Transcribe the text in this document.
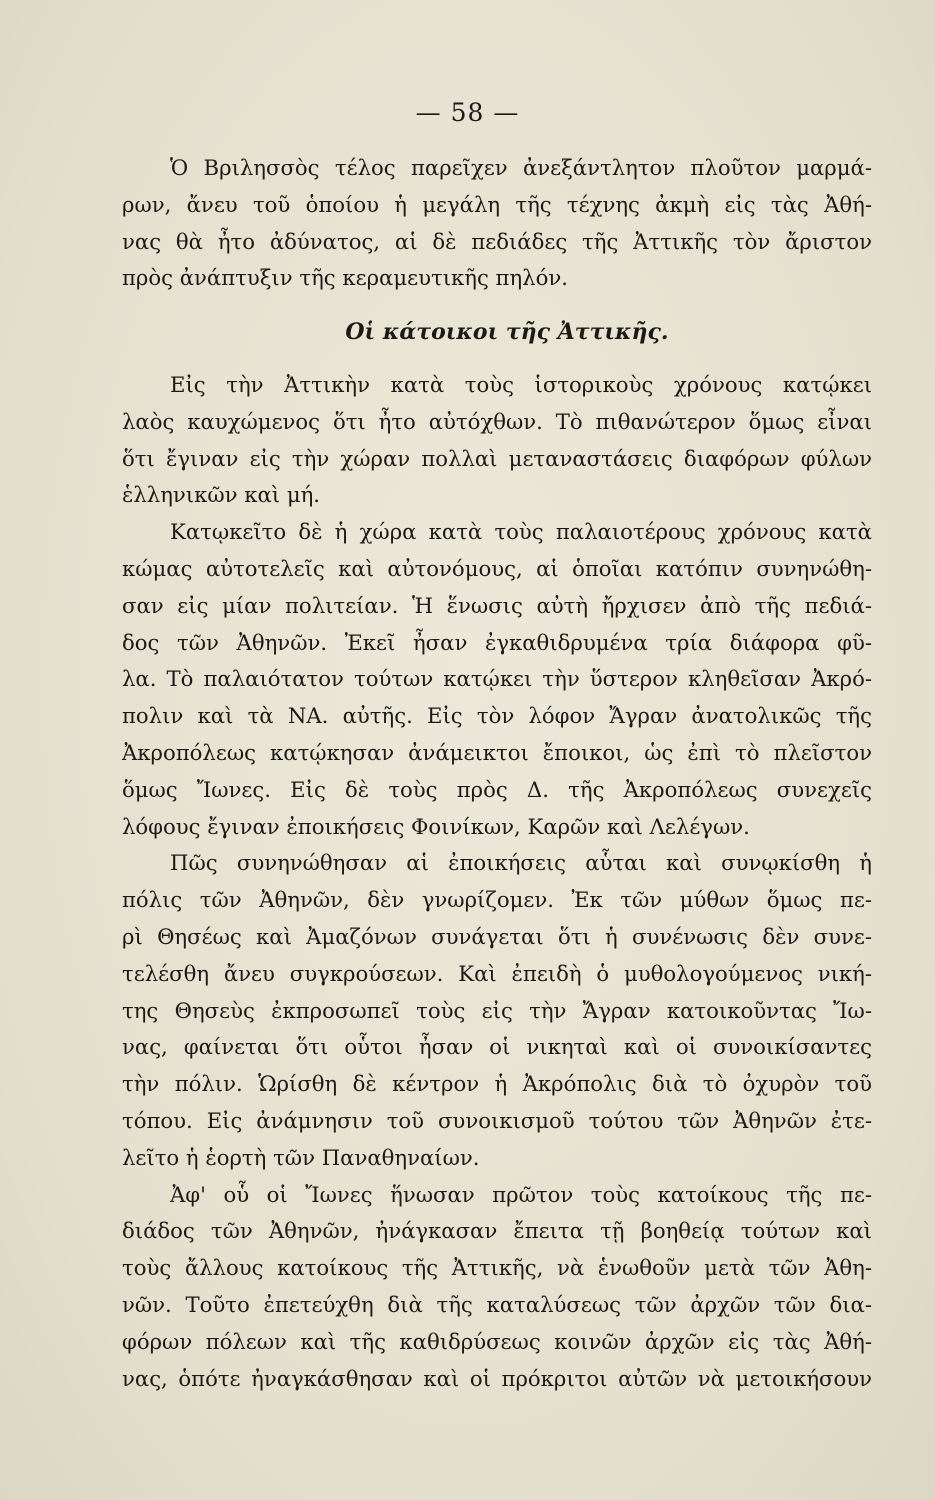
— 58 —
Ὁ Βριλησσὸς τέλος παρεῖχεν ἀνεξάντλητον πλοῦτον μαρμά-
ρων, ἄνευ τοῦ ὁποίου ἡ μεγάλη τῆς τέχνης ἀκμὴ εἰς τὰς Ἀθή-
νας θὰ ἦτο ἀδύνατος, αἱ δὲ πεδιάδες τῆς Ἀττικῆς τὸν ἄριστον
πρὸς ἀνάπτυξιν τῆς κεραμευτικῆς πηλόν.
Οἱ κάτοικοι τῆς Ἀττικῆς.
Εἰς τὴν Ἀττικὴν κατὰ τοὺς ἱστορικοὺς χρόνους κατῴκει
λαὸς καυχώμενος ὅτι ἦτο αὐτόχθων. Τὸ πιθανώτερον ὅμως εἶναι
ὅτι ἔγιναν εἰς τὴν χώραν πολλαὶ μεταναστάσεις διαφόρων φύλων
ἑλληνικῶν καὶ μή.
Κατῳκεῖτο δὲ ἡ χώρα κατὰ τοὺς παλαιοτέρους χρόνους κατὰ
κώμας αὐτοτελεῖς καὶ αὐτονόμους, αἱ ὁποῖαι κατόπιν συνηνώθη-
σαν εἰς μίαν πολιτείαν. Ἡ ἕνωσις αὐτὴ ἤρχισεν ἀπὸ τῆς πεδιά-
δος τῶν Ἀθηνῶν. Ἐκεῖ ἦσαν ἐγκαθιδρυμένα τρία διάφορα φῦ-
λα. Τὸ παλαιότατον τούτων κατῴκει τὴν ὕστερον κληθεῖσαν Ἀκρό-
πολιν καὶ τὰ ΝΑ. αὐτῆς. Εἰς τὸν λόφον Ἄγραν ἀνατολικῶς τῆς
Ἀκροπόλεως κατῴκησαν ἀνάμεικτοι ἔποικοι, ὡς ἐπὶ τὸ πλεῖστον
ὅμως Ἴωνες. Εἰς δὲ τοὺς πρὸς Δ. τῆς Ἀκροπόλεως συνεχεῖς
λόφους ἔγιναν ἐποικήσεις Φοινίκων, Καρῶν καὶ Λελέγων.
Πῶς συνηνώθησαν αἱ ἐποικήσεις αὗται καὶ συνῳκίσθη ἡ
πόλις τῶν Ἀθηνῶν, δὲν γνωρίζομεν. Ἐκ τῶν μύθων ὅμως πε-
ρὶ Θησέως καὶ Ἀμαζόνων συνάγεται ὅτι ἡ συνένωσις δὲν συνε-
τελέσθη ἄνευ συγκρούσεων. Καὶ ἐπειδὴ ὁ μυθολογούμενος νική-
της Θησεὺς ἐκπροσωπεῖ τοὺς εἰς τὴν Ἄγραν κατοικοῦντας Ἴω-
νας, φαίνεται ὅτι οὗτοι ἦσαν οἱ νικηταὶ καὶ οἱ συνοικίσαντες
τὴν πόλιν. Ὡρίσθη δὲ κέντρον ἡ Ἀκρόπολις διὰ τὸ ὀχυρὸν τοῦ
τόπου. Εἰς ἀνάμνησιν τοῦ συνοικισμοῦ τούτου τῶν Ἀθηνῶν ἐτε-
λεῖτο ἡ ἑορτὴ τῶν Παναθηναίων.
Ἀφ' οὗ οἱ Ἴωνες ἥνωσαν πρῶτον τοὺς κατοίκους τῆς πε-
διάδος τῶν Ἀθηνῶν, ἠνάγκασαν ἔπειτα τῇ βοηθείᾳ τούτων καὶ
τοὺς ἄλλους κατοίκους τῆς Ἀττικῆς, νὰ ἑνωθοῦν μετὰ τῶν Ἀθη-
νῶν. Τοῦτο ἐπετεύχθη διὰ τῆς καταλύσεως τῶν ἀρχῶν τῶν δια-
φόρων πόλεων καὶ τῆς καθιδρύσεως κοινῶν ἀρχῶν εἰς τὰς Ἀθή-
νας, ὁπότε ἠναγκάσθησαν καὶ οἱ πρόκριτοι αὐτῶν νὰ μετοικήσουν
